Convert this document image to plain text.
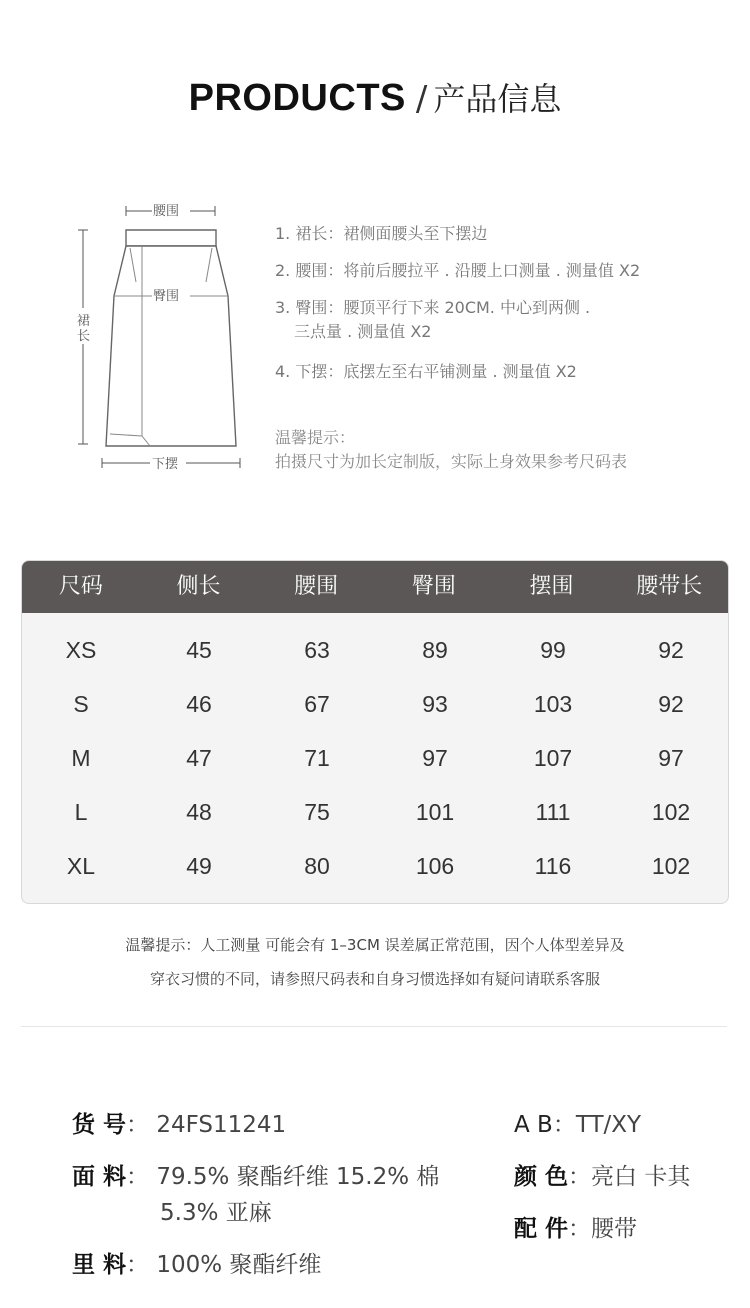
PRODUCTS / 产品信息
腰围
臀围
裙
长
下摆
1. 裙长：裙侧面腰头至下摆边
2. 腰围：将前后腰拉平 . 沿腰上口测量 . 测量值 X2
3. 臀围：腰顶平行下来 20CM. 中心到两侧 .
三点量 . 测量值 X2
4. 下摆：底摆左至右平铺测量 . 测量值 X2
温馨提示：
拍摄尺寸为加长定制版，实际上身效果参考尺码表
尺码	侧长	腰围	臀围	摆围	腰带长
XS	45	63	89	99	92
S	46	67	93	103	92
M	47	71	97	107	97
L	48	75	101	111	102
XL	49	80	106	116	102
温馨提示：人工测量 可能会有 1–3CM 误差属正常范围，因个人体型差异及
穿衣习惯的不同，请参照尺码表和自身习惯选择如有疑问请联系客服
货 号： 24FS11241
面 料： 79.5% 聚酯纤维 15.2% 棉
5.3% 亚麻
里 料： 100% 聚酯纤维
A B：TT/XY
颜 色：亮白 卡其
配 件：腰带
